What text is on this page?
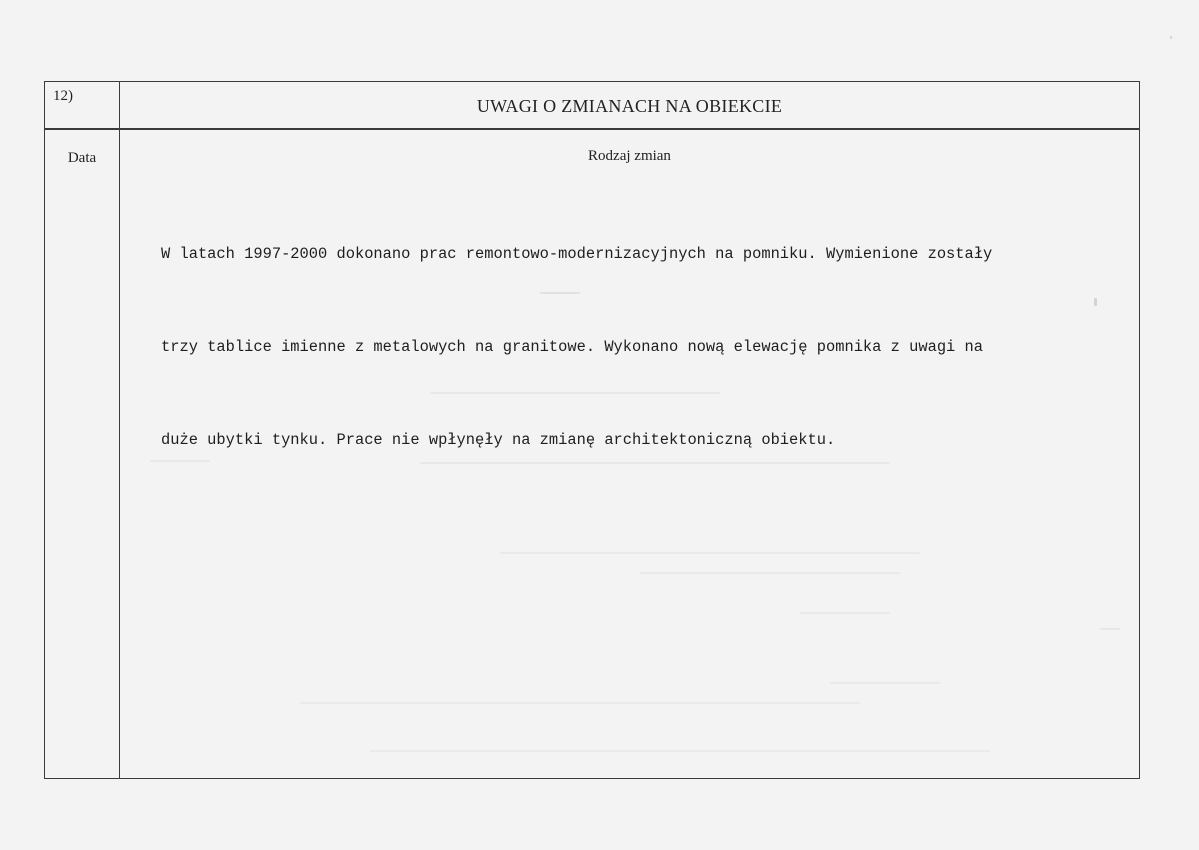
12)	UWAGI O ZMIANACH NA OBIEKCIE
Data	Rodzaj zmian

W latach 1997-2000 dokonano prac remontowo-modernizacyjnych na pomniku. Wymienione zostały

trzy tablice imienne z metalowych na granitowe. Wykonano nową elewację pomnika z uwagi na

duże ubytki tynku. Prace nie wpłynęły na zmianę architektoniczną obiektu.
